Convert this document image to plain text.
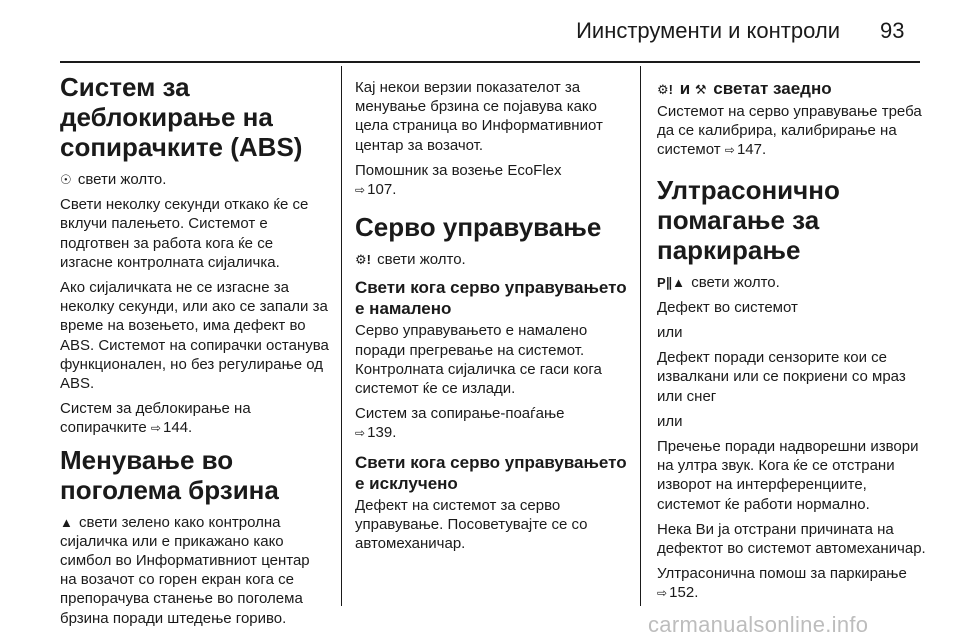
Иинструменти и контроли 93
Систем за деблокирање на сопирачките (ABS)

☉ свети жолто.

Свети неколку секунди откако ќе се вклучи палењето. Системот е подготвен за работа кога ќе се изгасне контролната сијаличка.

Ако сијаличката не се изгасне за неколку секунди, или ако се запали за време на возењето, има дефект во ABS. Системот на сопирачки останува функционален, но без регулирање од ABS.

Систем за деблокирање на сопирачките ⇨ 144.

Менување во поголема брзина

▲ свети зелено како контролна сијаличка или е прикажано како симбол во Информативниот центар на возачот со горен екран кога се препорачува станење во поголема брзина поради штедење гориво.

Кај некои верзии показателот за менување брзина се појавува како цела страница во Информативниот центар за возачот.

Помошник за возење EcoFlex
⇨ 107.

Серво управување

⚙! свети жолто.

Свети кога серво управувањето е намалено

Серво управувањето е намалено поради прегревање на системот. Контролната сијаличка се гаси кога системот ќе се излади.

Систем за сопирање-поаѓање
⇨ 139.

Свети кога серво управувањето е исклучено

Дефект на системот за серво управување. Посоветувајте се со автомеханичар.

⚙! и ⚒ светат заедно

Системот на серво управување треба да се калибрира, калибрирање на системот ⇨ 147.

Ултрасонично помагање за паркирање

P∥▲ свети жолто.

Дефект во системот

или

Дефект поради сензорите кои се извалкани или се покриени со мраз или снег

или

Пречење поради надворешни извори на ултра звук. Кога ќе се отстрани изворот на интерференциите, системот ќе работи нормално.

Нека Ви ја отстрани причината на дефектот во системот автомеханичар.

Ултрасонична помош за паркирање
⇨ 152.

carmanualsonline.info
